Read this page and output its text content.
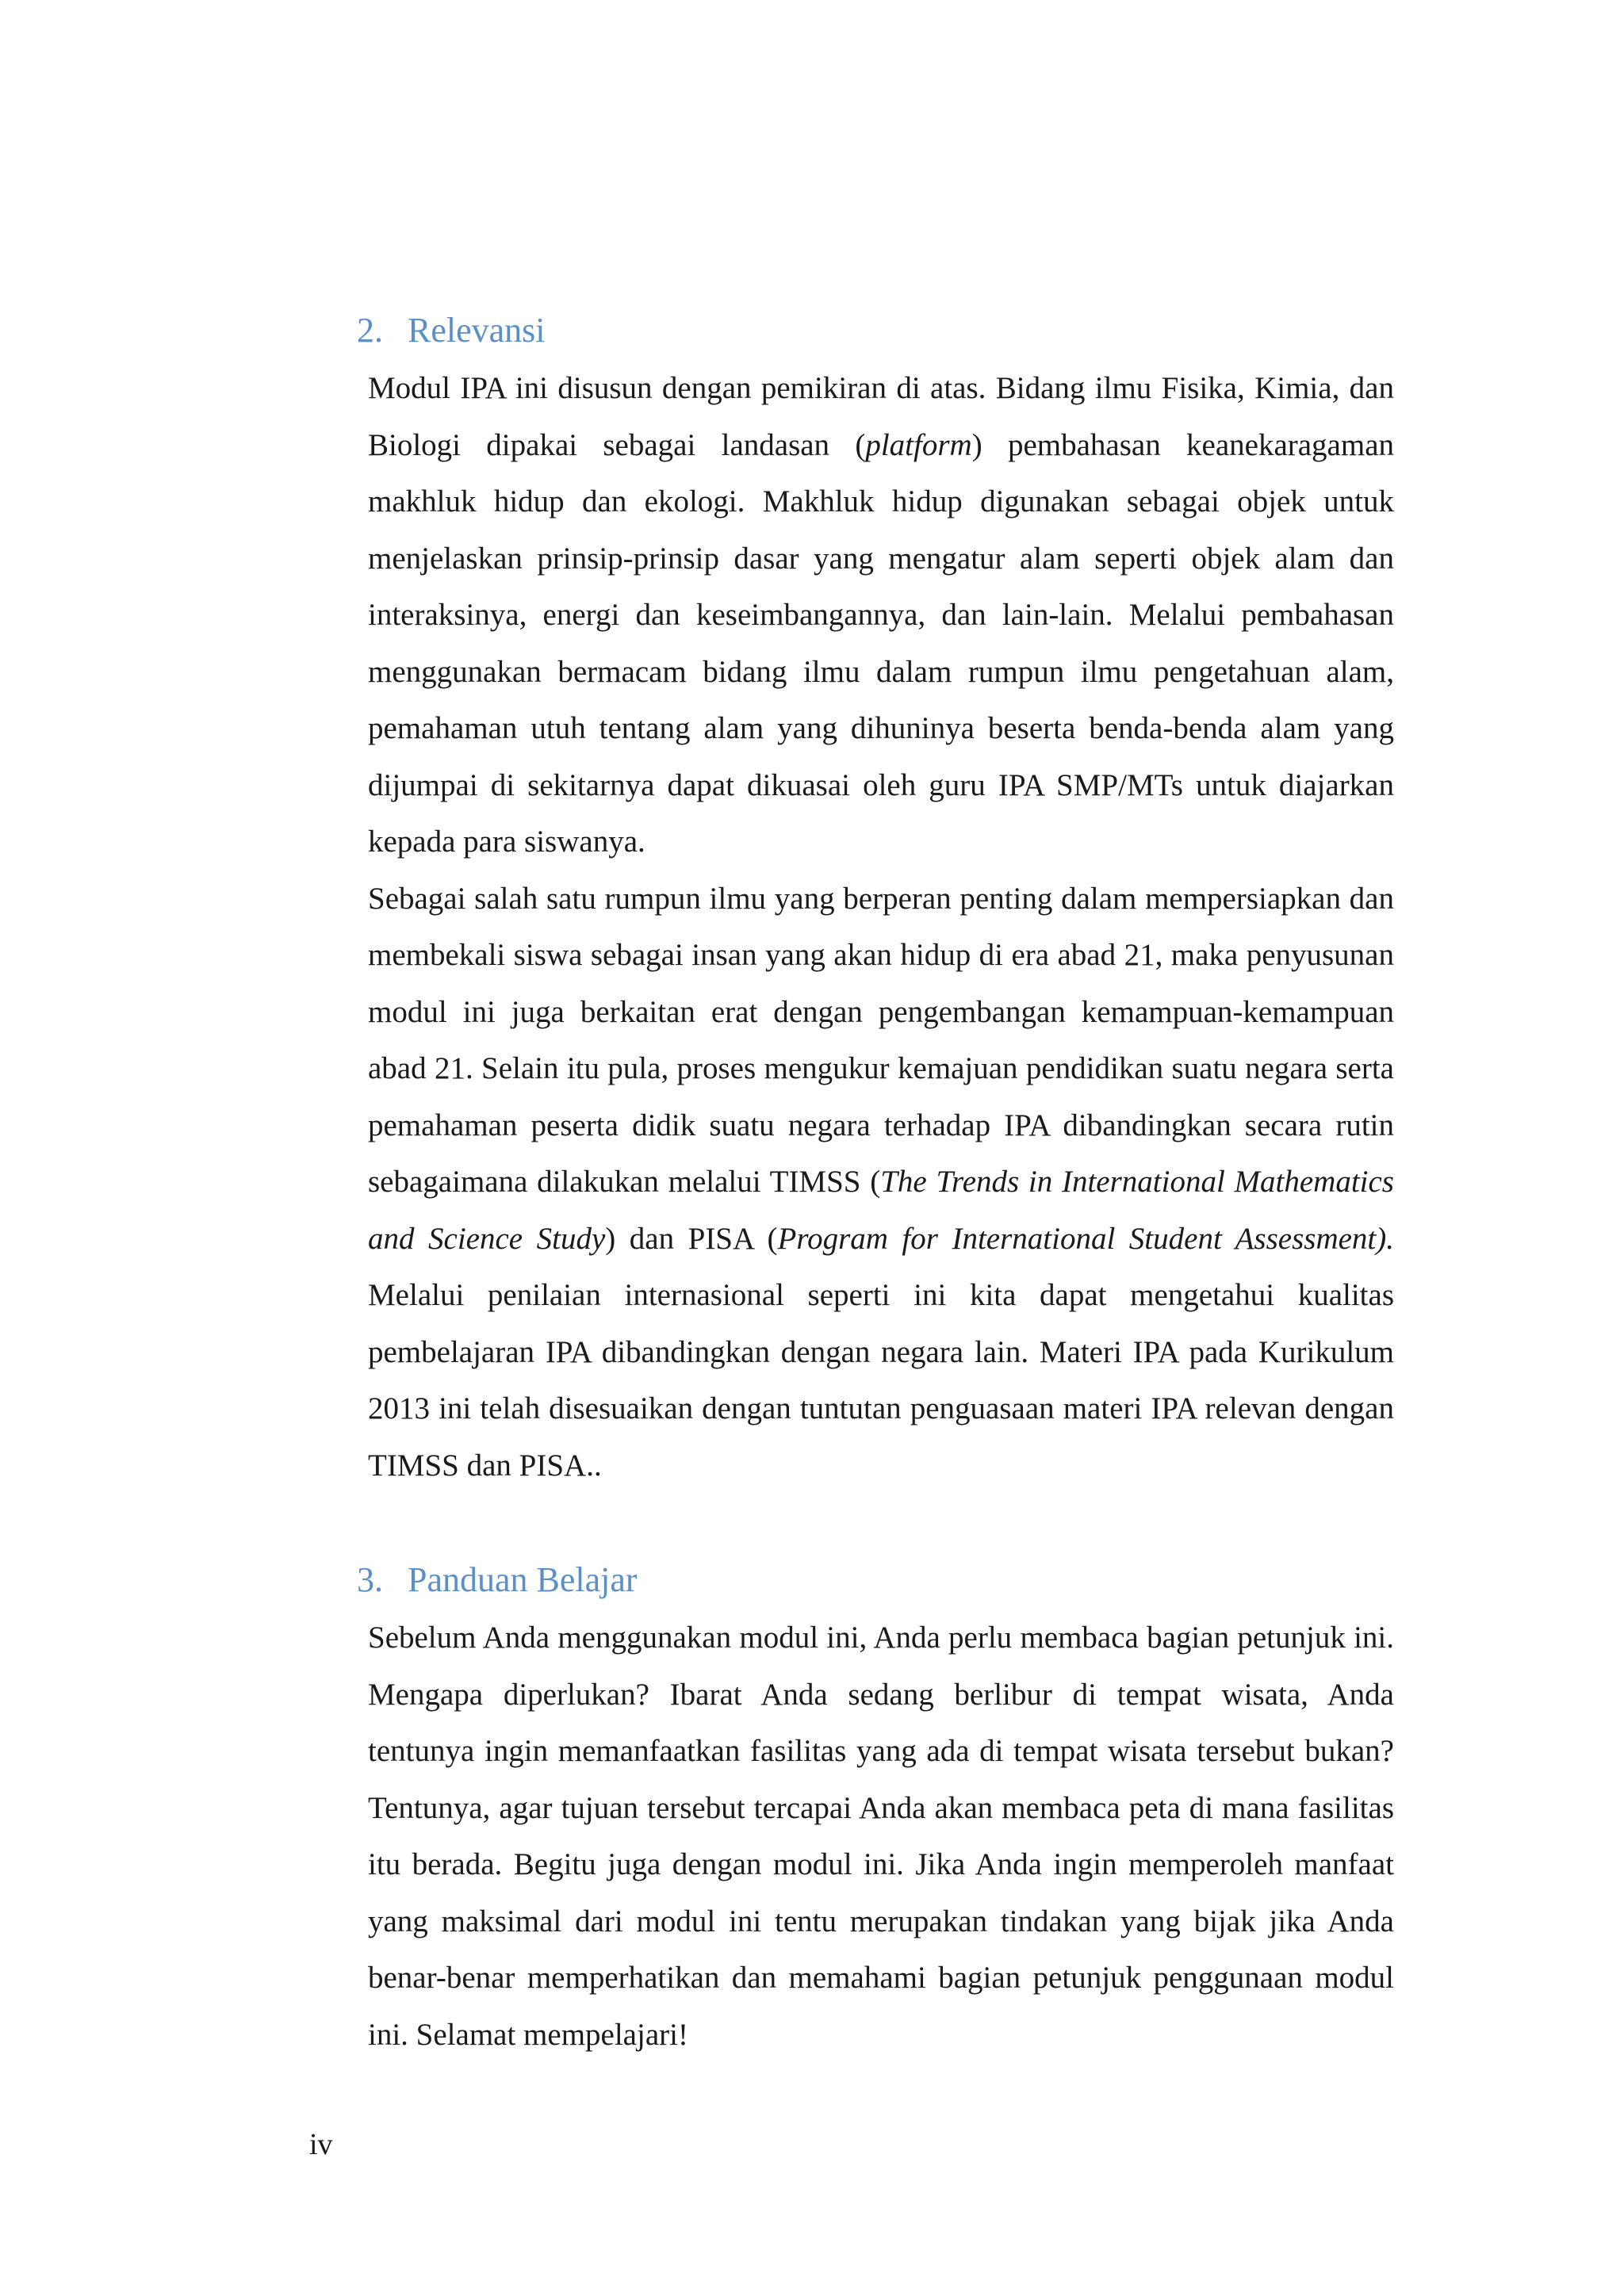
2. Relevansi

Modul IPA ini disusun dengan pemikiran di atas. Bidang ilmu Fisika, Kimia, dan Biologi dipakai sebagai landasan (platform) pembahasan keanekaragaman makhluk hidup dan ekologi. Makhluk hidup digunakan sebagai objek untuk menjelaskan prinsip-prinsip dasar yang mengatur alam seperti objek alam dan interaksinya, energi dan keseimbangannya, dan lain-lain. Melalui pembahasan menggunakan bermacam bidang ilmu dalam rumpun ilmu pengetahuan alam, pemahaman utuh tentang alam yang dihuninya beserta benda-benda alam yang dijumpai di sekitarnya dapat dikuasai oleh guru IPA SMP/MTs untuk diajarkan kepada para siswanya.

Sebagai salah satu rumpun ilmu yang berperan penting dalam mempersiapkan dan membekali siswa sebagai insan yang akan hidup di era abad 21, maka penyusunan modul ini juga berkaitan erat dengan pengembangan kemampuan-kemampuan abad 21. Selain itu pula, proses mengukur kemajuan pendidikan suatu negara serta pemahaman peserta didik suatu negara terhadap IPA dibandingkan secara rutin sebagaimana dilakukan melalui TIMSS (The Trends in International Mathematics and Science Study) dan PISA (Program for International Student Assessment). Melalui penilaian internasional seperti ini kita dapat mengetahui kualitas pembelajaran IPA dibandingkan dengan negara lain. Materi IPA pada Kurikulum 2013 ini telah disesuaikan dengan tuntutan penguasaan materi IPA relevan dengan TIMSS dan PISA..

3. Panduan Belajar

Sebelum Anda menggunakan modul ini, Anda perlu membaca bagian petunjuk ini. Mengapa diperlukan? Ibarat Anda sedang berlibur di tempat wisata, Anda tentunya ingin memanfaatkan fasilitas yang ada di tempat wisata tersebut bukan? Tentunya, agar tujuan tersebut tercapai Anda akan membaca peta di mana fasilitas itu berada. Begitu juga dengan modul ini. Jika Anda ingin memperoleh manfaat yang maksimal dari modul ini tentu merupakan tindakan yang bijak jika Anda benar-benar memperhatikan dan memahami bagian petunjuk penggunaan modul ini. Selamat mempelajari!

iv
